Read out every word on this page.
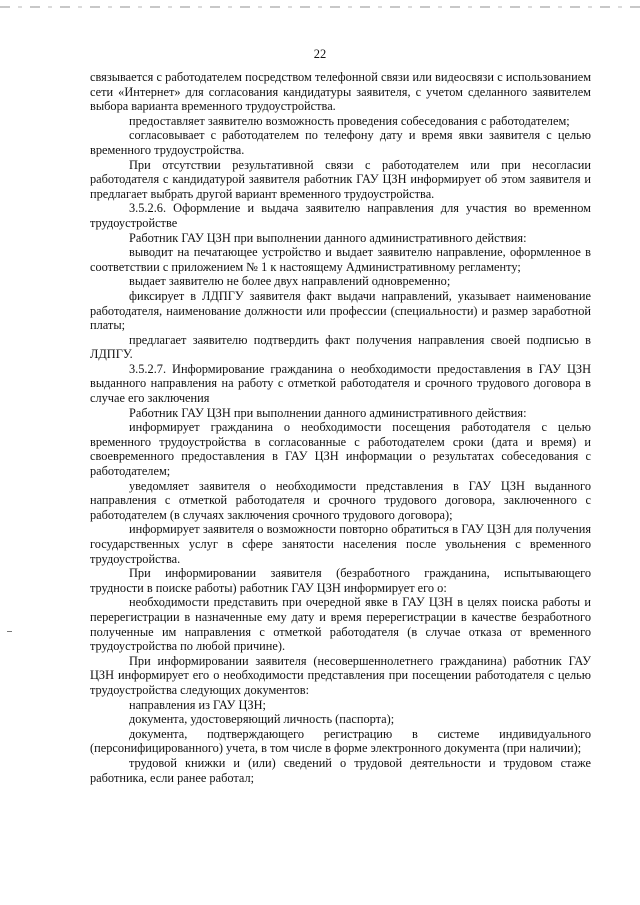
22

связывается с работодателем посредством телефонной связи или видеосвязи с использованием сети «Интернет» для согласования кандидатуры заявителя, с учетом сделанного заявителем выбора варианта временного трудоустройства.

предоставляет заявителю возможность проведения собеседования с работодателем;

согласовывает с работодателем по телефону дату и время явки заявителя с целью временного трудоустройства.

При отсутствии результативной связи с работодателем или при несогласии работодателя с кандидатурой заявителя работник ГАУ ЦЗН информирует об этом заявителя и предлагает выбрать другой вариант временного трудоустройства.

3.5.2.6. Оформление и выдача заявителю направления для участия во временном трудоустройстве

Работник ГАУ ЦЗН при выполнении данного административного действия:

выводит на печатающее устройство и выдает заявителю направление, оформленное в соответствии с приложением № 1 к настоящему Административному регламенту;

выдает заявителю не более двух направлений одновременно;

фиксирует в ЛДПГУ заявителя факт выдачи направлений, указывает наименование работодателя, наименование должности или профессии (специальности) и размер заработной платы;

предлагает заявителю подтвердить факт получения направления своей подписью в ЛДПГУ.

3.5.2.7. Информирование гражданина о необходимости предоставления в ГАУ ЦЗН выданного направления на работу с отметкой работодателя и срочного трудового договора в случае его заключения

Работник ГАУ ЦЗН при выполнении данного административного действия:

информирует гражданина о необходимости посещения работодателя с целью временного трудоустройства в согласованные с работодателем сроки (дата и время) и своевременного предоставления в ГАУ ЦЗН информации о результатах собеседования с работодателем;

уведомляет заявителя о необходимости представления в ГАУ ЦЗН выданного направления с отметкой работодателя и срочного трудового договора, заключенного с работодателем (в случаях заключения срочного трудового договора);

информирует заявителя о возможности повторно обратиться в ГАУ ЦЗН для получения государственных услуг в сфере занятости населения после увольнения с временного трудоустройства.

При информировании заявителя (безработного гражданина, испытывающего трудности в поиске работы) работник ГАУ ЦЗН информирует его о:

необходимости представить при очередной явке в ГАУ ЦЗН в целях поиска работы и перерегистрации в назначенные ему дату и время перерегистрации в качестве безработного полученные им направления с отметкой работодателя (в случае отказа от временного трудоустройства по любой причине).

При информировании заявителя (несовершеннолетнего гражданина) работник ГАУ ЦЗН информирует его о необходимости представления при посещении работодателя с целью трудоустройства следующих документов:

направления из ГАУ ЦЗН;

документа, удостоверяющий личность (паспорта);

документа, подтверждающего регистрацию в системе индивидуального (персонифицированного) учета, в том числе в форме электронного документа (при наличии);

трудовой книжки и (или) сведений о трудовой деятельности и трудовом стаже работника, если ранее работал;
